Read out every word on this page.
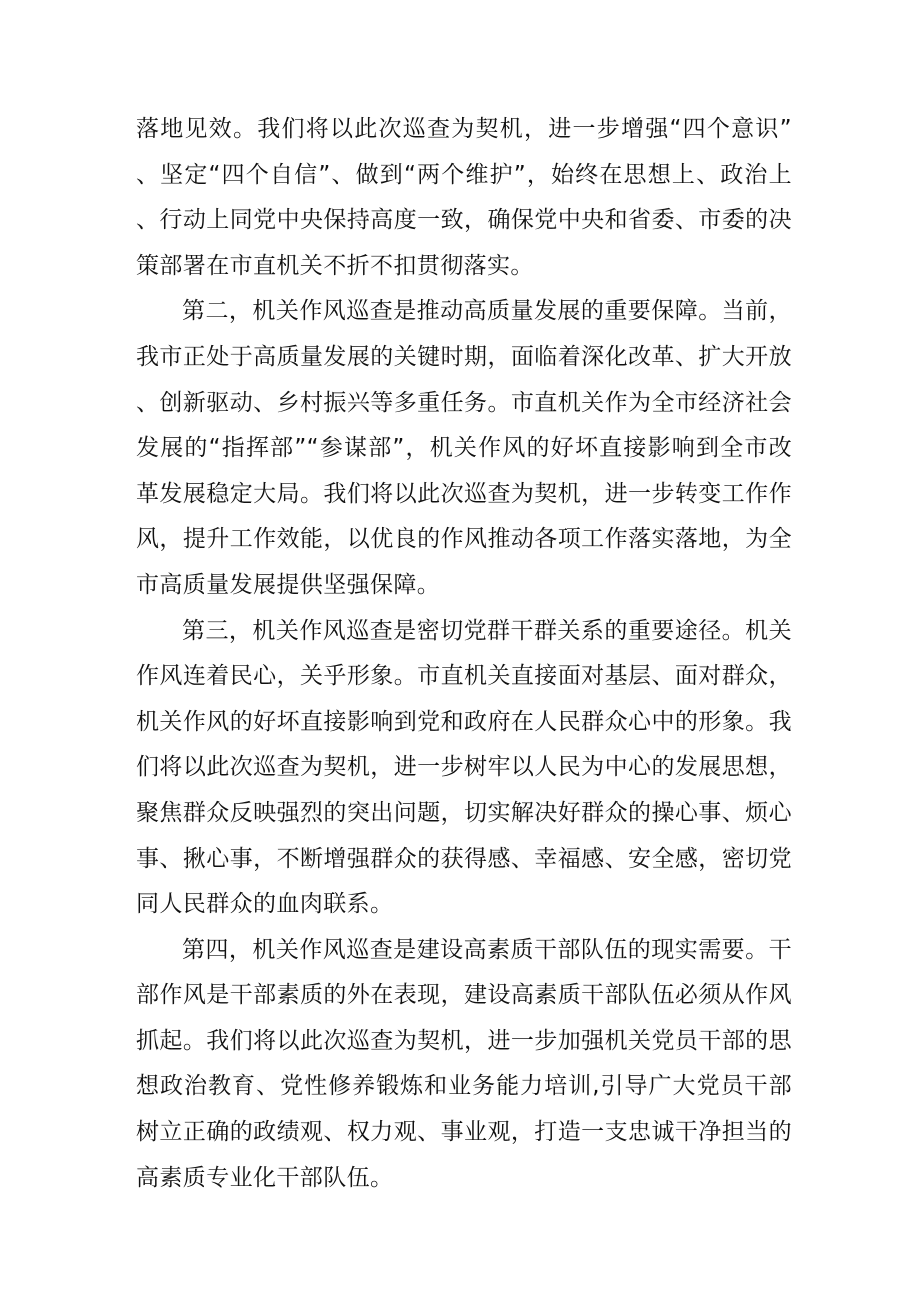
落地见效。我们将以此次巡查为契机，进一步增强“四个意识”、坚定“四个自信”、做到“两个维护”，始终在思想上、政治上、行动上同党中央保持高度一致，确保党中央和省委、市委的决策部署在市直机关不折不扣贯彻落实。

第二，机关作风巡查是推动高质量发展的重要保障。当前，我市正处于高质量发展的关键时期，面临着深化改革、扩大开放、创新驱动、乡村振兴等多重任务。市直机关作为全市经济社会发展的“指挥部”“参谋部”，机关作风的好坏直接影响到全市改革发展稳定大局。我们将以此次巡查为契机，进一步转变工作作风，提升工作效能，以优良的作风推动各项工作落实落地，为全市高质量发展提供坚强保障。

第三，机关作风巡查是密切党群干群关系的重要途径。机关作风连着民心，关乎形象。市直机关直接面对基层、面对群众，机关作风的好坏直接影响到党和政府在人民群众心中的形象。我们将以此次巡查为契机，进一步树牢以人民为中心的发展思想，聚焦群众反映强烈的突出问题，切实解决好群众的操心事、烦心事、揪心事，不断增强群众的获得感、幸福感、安全感，密切党同人民群众的血肉联系。

第四，机关作风巡查是建设高素质干部队伍的现实需要。干部作风是干部素质的外在表现，建设高素质干部队伍必须从作风抓起。我们将以此次巡查为契机，进一步加强机关党员干部的思想政治教育、党性修养锻炼和业务能力培训,引导广大党员干部树立正确的政绩观、权力观、事业观，打造一支忠诚干净担当的高素质专业化干部队伍。
